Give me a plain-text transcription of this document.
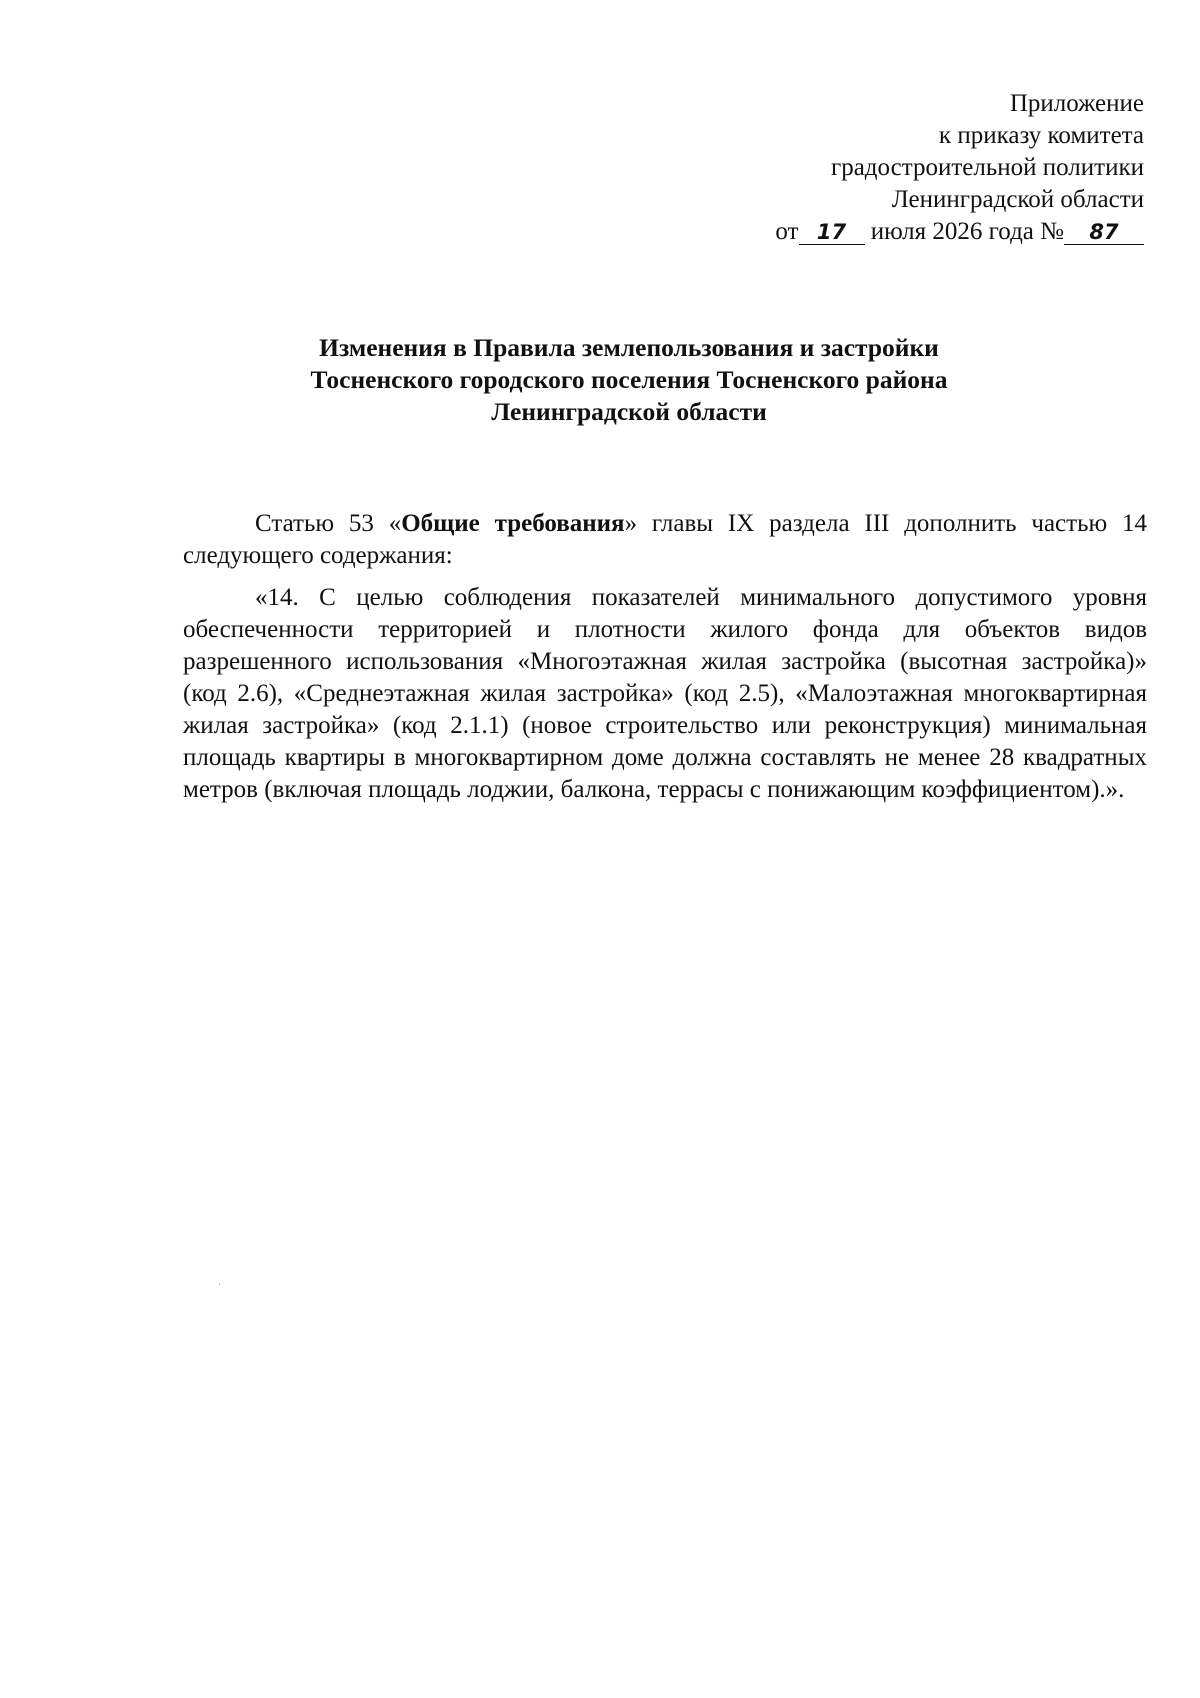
Приложение
к приказу комитета
градостроительной политики
Ленинградской области
от 17 июля 2026 года № 87
Изменения в Правила землепользования и застройки
Тосненского городского поселения Тосненского района
Ленинградской области

Статью 53 «Общие требования» главы IX раздела III дополнить частью 14 следующего содержания:

«14. С целью соблюдения показателей минимального допустимого уровня обеспеченности территорией и плотности жилого фонда для объектов видов разрешенного использования «Многоэтажная жилая застройка (высотная застройка)» (код 2.6), «Среднеэтажная жилая застройка» (код 2.5), «Малоэтажная многоквартирная жилая застройка» (код 2.1.1) (новое строительство или реконструкция) минимальная площадь квартиры в многоквартирном доме должна составлять не менее 28 квадратных метров (включая площадь лоджии, балкона, террасы с понижающим коэффициентом).».
